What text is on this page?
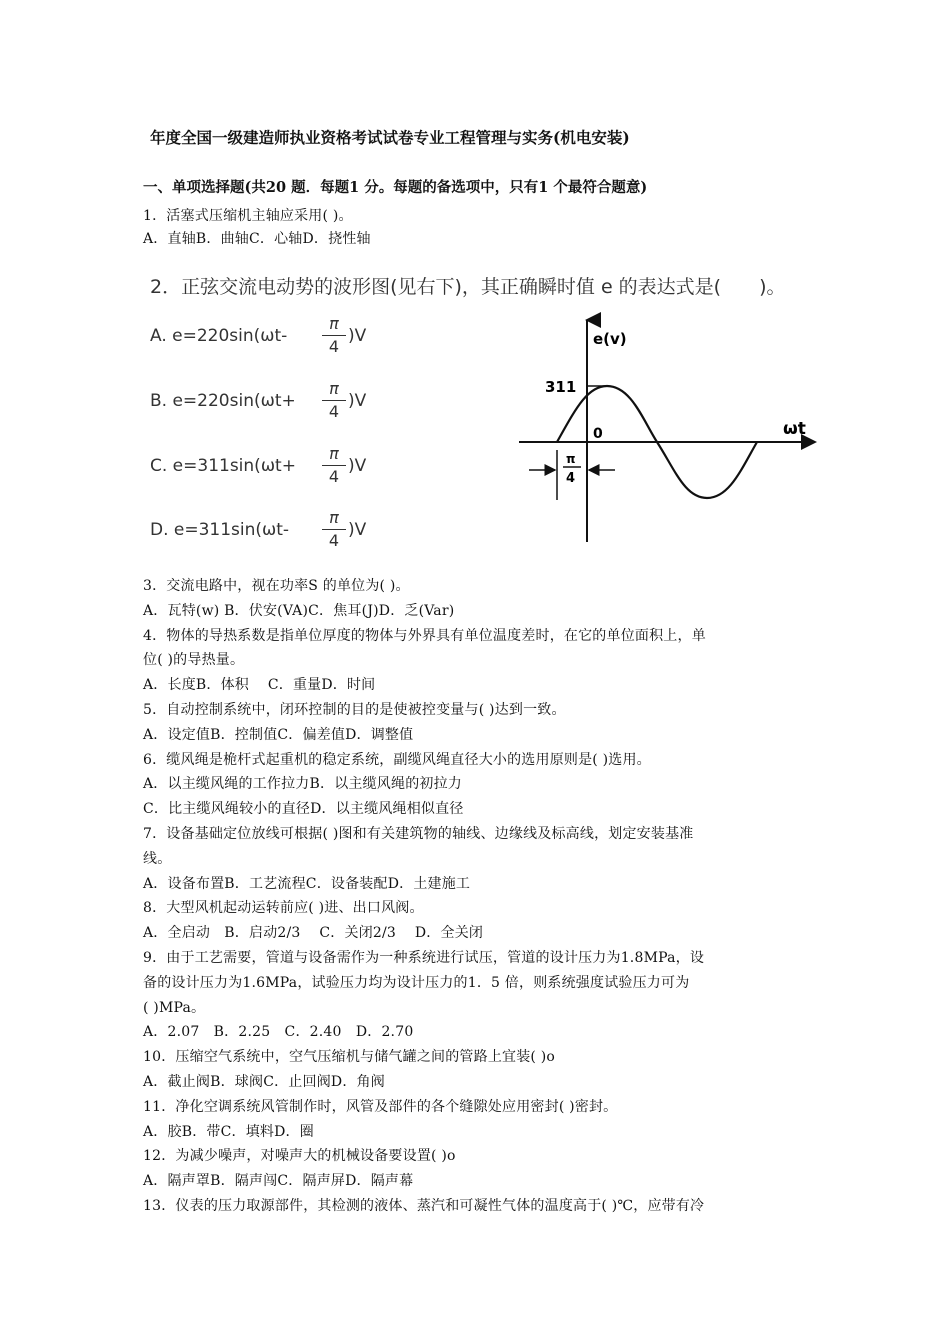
年度全国一级建造师执业资格考试试卷专业工程管理与实务(机电安装)
一、单项选择题(共20 题．每题1 分。每题的备选项中，只有1 个最符合题意)
1．活塞式压缩机主轴应采用( )。
A．直轴B．曲轴C．心轴D．挠性轴
2．正弦交流电动势的波形图(见右下)，其正确瞬时值 e 的表达式是(　　)。
A. e=220sin(ωt-
π
4
)V
B. e=220sin(ωt+
π
4
)V
C. e=311sin(ωt+
π
4
)V
D. e=311sin(ωt-
π
4
)V
e(v)
311
0	ωt
π
4
3．交流电路中，视在功率S 的单位为( )。
A．瓦特(w) B．伏安(VA)C．焦耳(J)D．乏(Var)
4．物体的导热系数是指单位厚度的物体与外界具有单位温度差时，在它的单位面积上，单
位( )的导热量。
A．长度B．体积　 C．重量D．时间
5．自动控制系统中，闭环控制的目的是使被控变量与( )达到一致。
A．设定值B．控制值C．偏差值D．调整值
6．缆风绳是桅杆式起重机的稳定系统，副缆风绳直径大小的选用原则是( )选用。
A．以主缆风绳的工作拉力B．以主缆风绳的初拉力
C．比主缆风绳较小的直径D．以主缆风绳相似直径
7．设备基础定位放线可根据( )图和有关建筑物的轴线、边缘线及标高线，划定安装基准
线。
A．设备布置B．工艺流程C．设备装配D．土建施工
8．大型风机起动运转前应( )进、出口风阀。
A．全启动　B．启动2/3　 C．关闭2/3　 D．全关闭
9．由于工艺需要，管道与设备需作为一种系统进行试压，管道的设计压力为1.8MPa，设
备的设计压力为1.6MPa，试验压力均为设计压力的1．5 倍，则系统强度试验压力可为
( )MPa。
A．2.07　B．2.25　C．2.40　D．2.70
10．压缩空气系统中，空气压缩机与储气罐之间的管路上宜装( )o
A．截止阀B．球阀C．止回阀D．角阀
11．净化空调系统风管制作时，风管及部件的各个缝隙处应用密封( )密封。
A．胶B．带C．填料D．圈
12．为减少噪声，对噪声大的机械设备要设置( )o
A．隔声罩B．隔声闯C．隔声屏D．隔声幕
13．仪表的压力取源部件，其检测的液体、蒸汽和可凝性气体的温度高于( )℃，应带有冷
